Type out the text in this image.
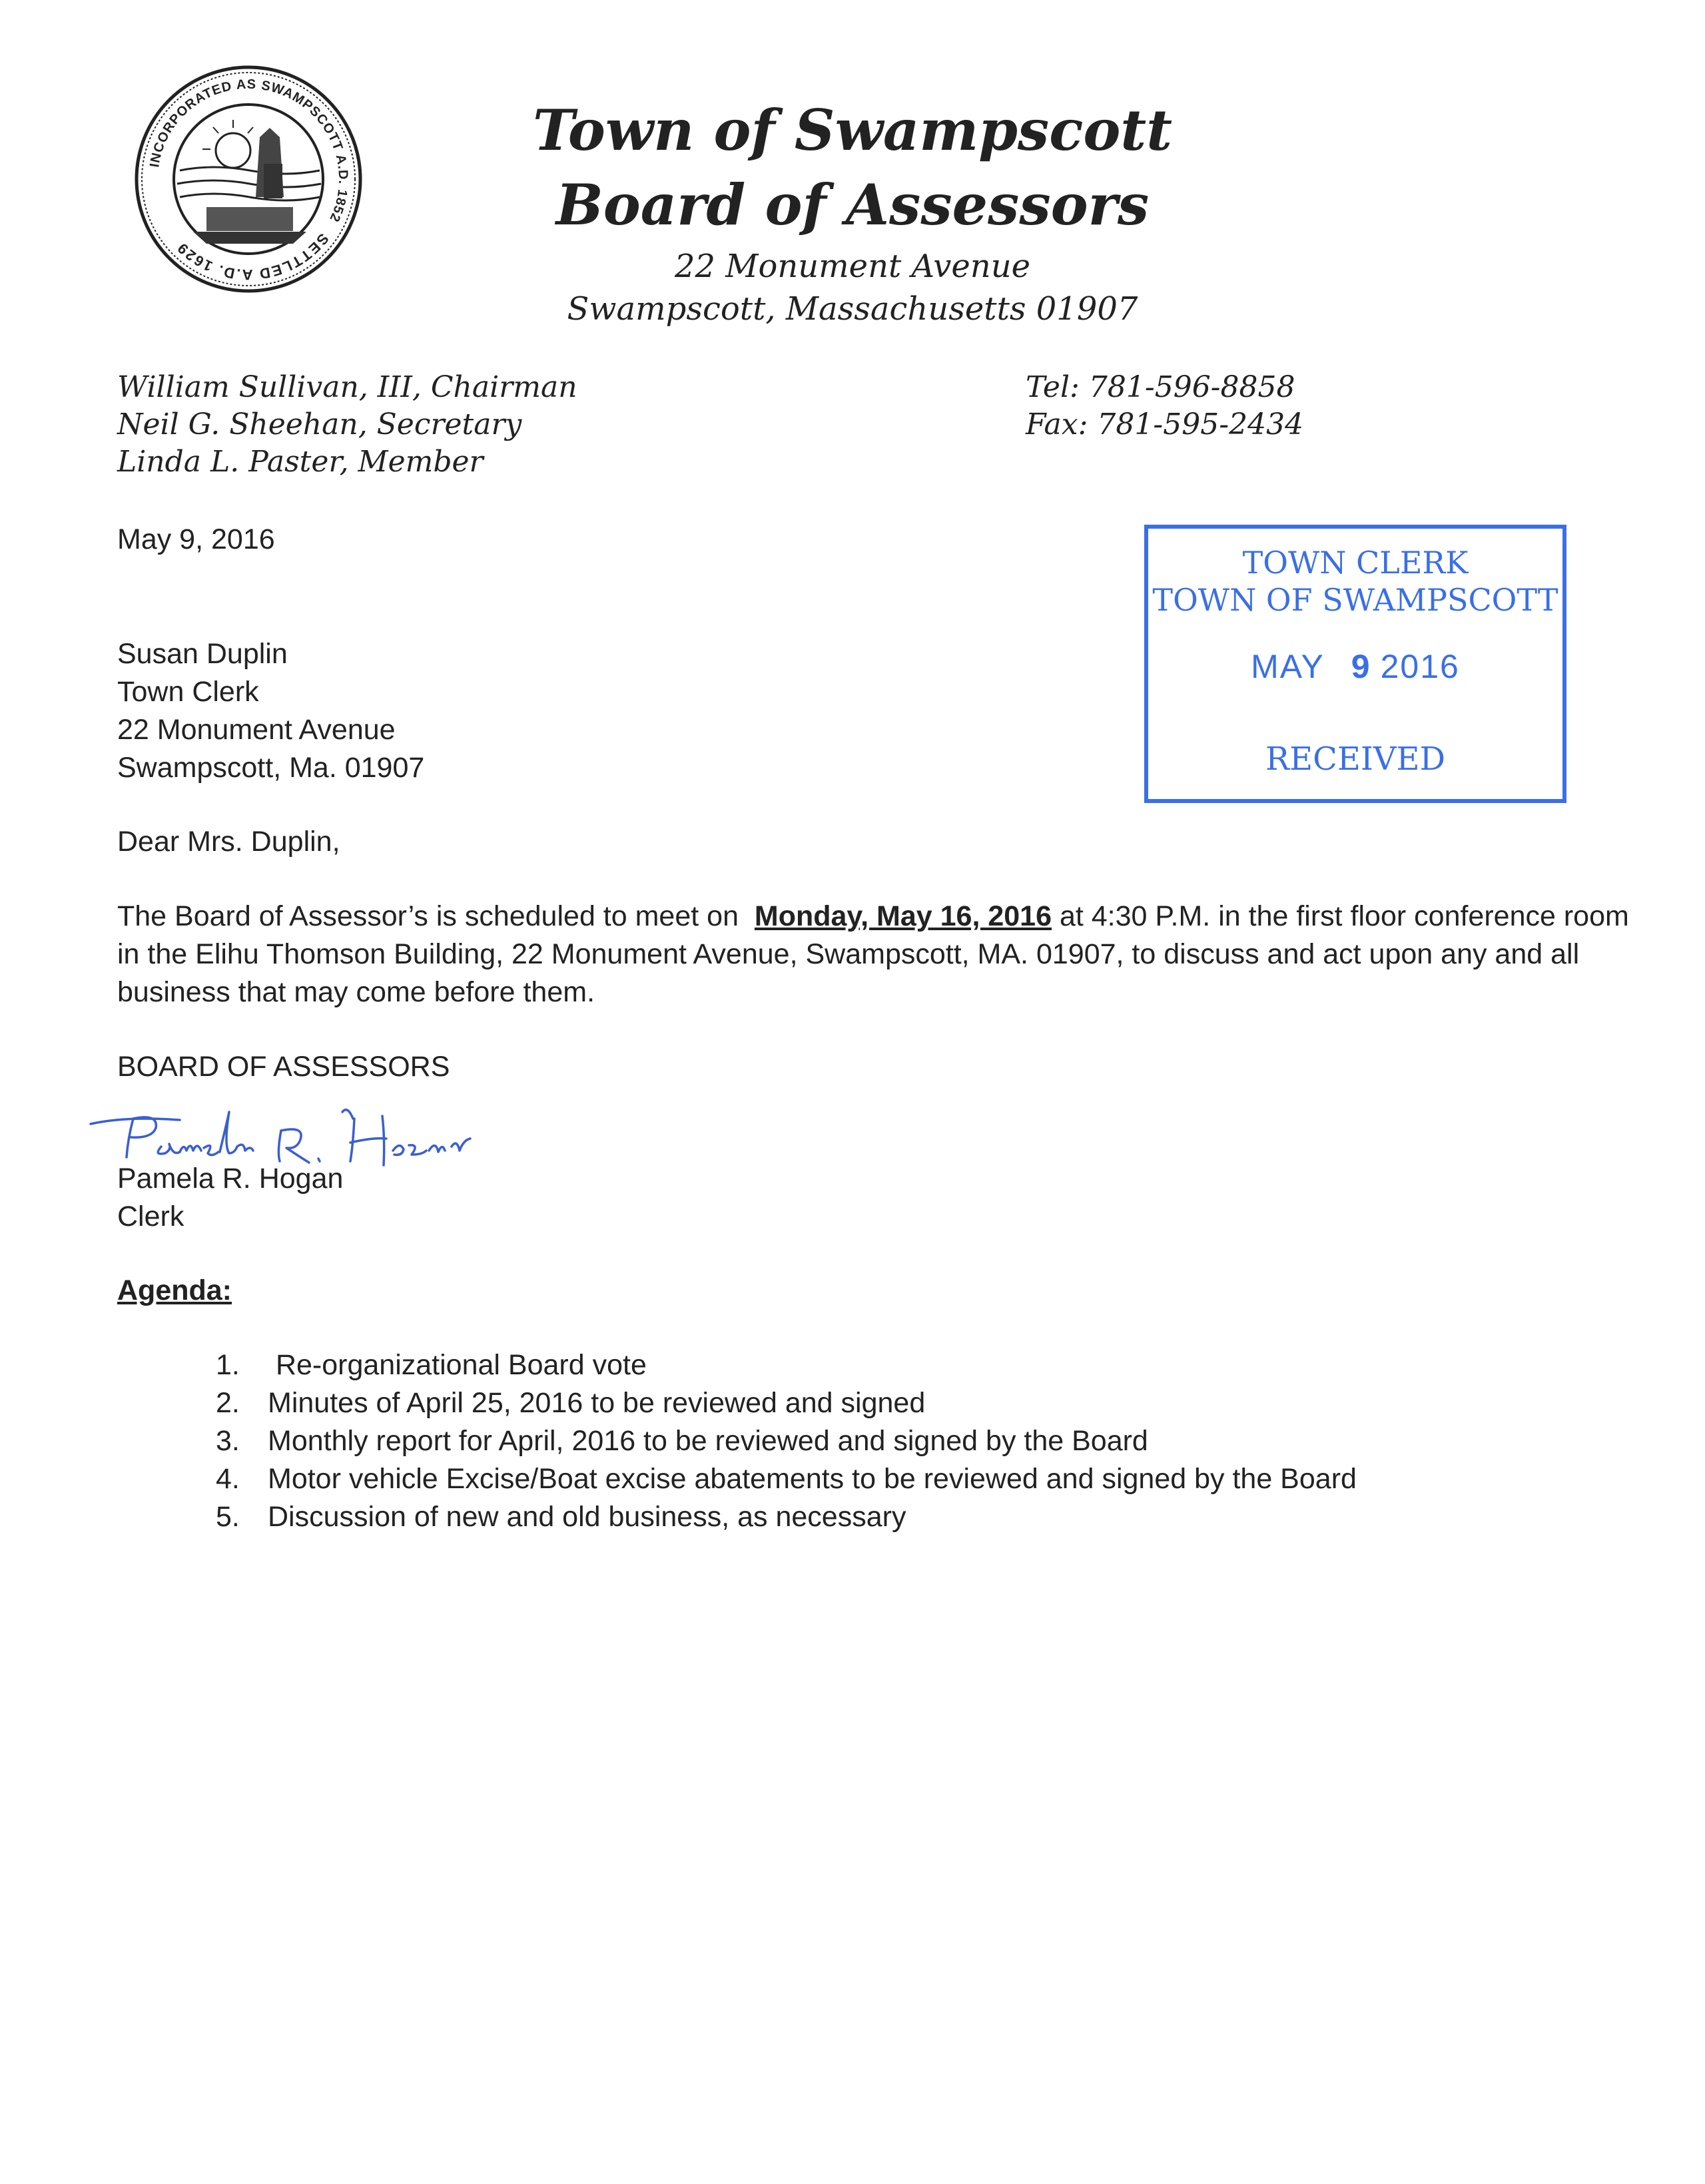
SETTLED A.D. 1629
INCORPORATED AS SWAMPSCOTT A.D. 1852
Town of Swampscott
Board of Assessors
22 Monument Avenue
Swampscott, Massachusetts 01907
William Sullivan, III, Chairman
Neil G. Sheehan, Secretary
Linda L. Paster, Member
Tel: 781-596-8858
Fax: 781-595-2434
May 9, 2016
TOWN CLERK
TOWN OF SWAMPSCOTT
MAY 9 2016
RECEIVED
Susan Duplin
Town Clerk
22 Monument Avenue
Swampscott, Ma. 01907
Dear Mrs. Duplin,
The Board of Assessor’s is scheduled to meet on  Monday, May 16, 2016 at 4:30 P.M. in the first floor conference room in the Elihu Thomson Building, 22 Monument Avenue, Swampscott, MA. 01907, to discuss and act upon any and all business that may come before them.
BOARD OF ASSESSORS
Pamela R. Hogan
Clerk
Agenda:
1. Re-organizational Board vote
2. Minutes of April 25, 2016 to be reviewed and signed
3. Monthly report for April, 2016 to be reviewed and signed by the Board
4. Motor vehicle Excise/Boat excise abatements to be reviewed and signed by the Board
5. Discussion of new and old business, as necessary
